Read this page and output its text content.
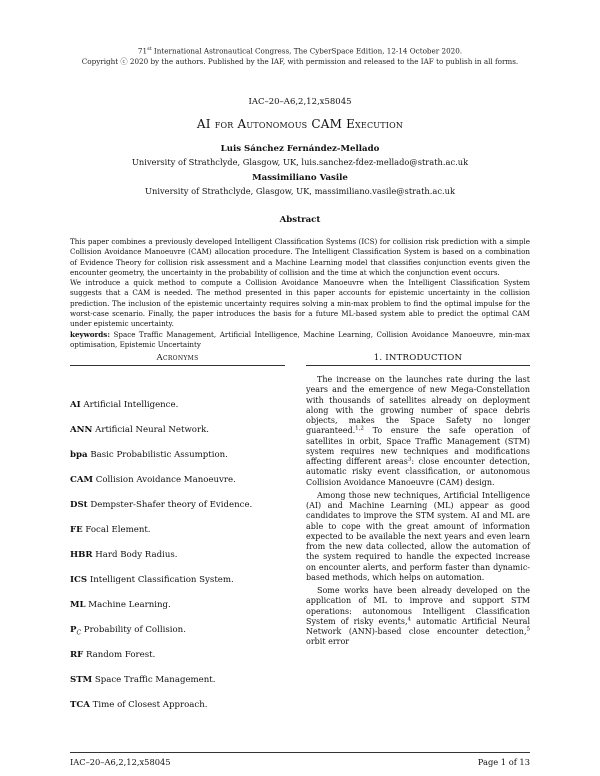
71st International Astronautical Congress, The CyberSpace Edition, 12-14 October 2020.
Copyright ⓒ 2020 by the authors. Published by the IAF, with permission and released to the IAF to publish in all forms.
IAC–20–A6,2,12,x58045
AI for Autonomous CAM Execution
Luis Sánchez Fernández-Mellado
University of Strathclyde, Glasgow, UK, luis.sanchez-fdez-mellado@strath.ac.uk
Massimiliano Vasile
University of Strathclyde, Glasgow, UK, massimiliano.vasile@strath.ac.uk
Abstract

This paper combines a previously developed Intelligent Classification Systems (ICS) for collision risk prediction with a simple Collision Avoidance Manoeuvre (CAM) allocation procedure. The Intelligent Classification System is based on a combination of Evidence Theory for collision risk assessment and a Machine Learning model that classifies conjunction events given the encounter geometry, the uncertainty in the probability of collision and the time at which the conjunction event occurs.

We introduce a quick method to compute a Collision Avoidance Manoeuvre when the Intelligent Classification System suggests that a CAM is needed. The method presented in this paper accounts for epistemic uncertainty in the collision prediction. The inclusion of the epistemic uncertainty requires solving a min-max problem to find the optimal impulse for the worst-case scenario. Finally, the paper introduces the basis for a future ML-based system able to predict the optimal CAM under epistemic uncertainty.

keywords: Space Traffic Management, Artificial Intelligence, Machine Learning, Collision Avoidance Manoeuvre, min-max optimisation, Epistemic Uncertainty

Acronyms
AI Artificial Intelligence.
ANN Artificial Neural Network.
bpa Basic Probabilistic Assumption.
CAM Collision Avoidance Manoeuvre.
DSt Dempster-Shafer theory of Evidence.
FE Focal Element.
HBR Hard Body Radius.
ICS Intelligent Classification System.
ML Machine Learning.
$P_C$ Probability of Collision.
RF Random Forest.
STM Space Traffic Management.
TCA Time of Closest Approach.
1. INTRODUCTION

The increase on the launches rate during the last years and the emergence of new Mega-Constellation with thousands of satellites already on deployment along with the growing number of space debris objects, makes the Space Safety no longer guaranteed.$^{1,2}$ To ensure the safe operation of satellites in orbit, Space Traffic Management (STM) system requires new techniques and modifications affecting different areas$^3$: close encounter detection, automatic risky event classification, or autonomous Collision Avoidance Manoeuvre (CAM) design.

Among those new techniques, Artificial Intelligence (AI) and Machine Learning (ML) appear as good candidates to improve the STM system. AI and ML are able to cope with the great amount of information expected to be available the next years and even learn from the new data collected, allow the automation of the system required to handle the expected increase on encounter alerts, and perform faster than dynamic-based methods, which helps on automation.

Some works have been already developed on the application of ML to improve and support STM operations: autonomous Intelligent Classification System of risky events,$^4$ automatic Artificial Neural Network (ANN)-based close encounter detection,$^5$ orbit error

IAC–20–A6,2,12,x58045	Page 1 of 13
